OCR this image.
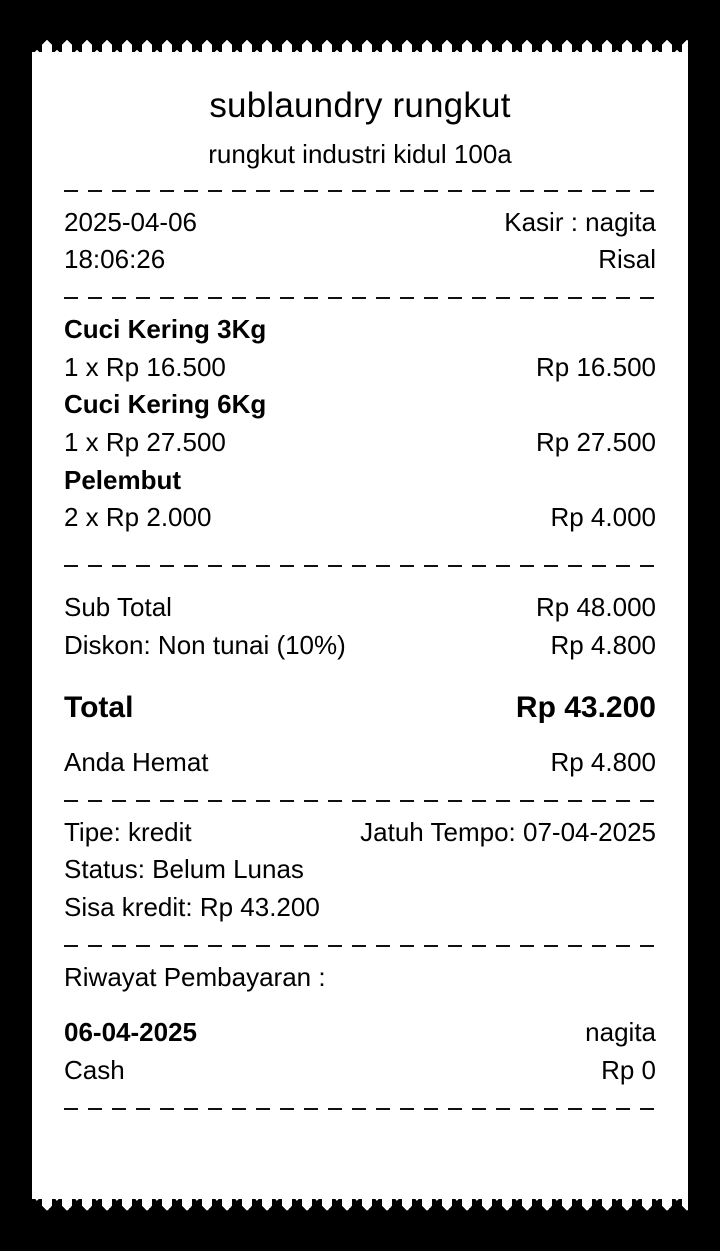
sublaundry rungkut
rungkut industri kidul 100a
2025-04-06	Kasir : nagita
18:06:26	Risal
Cuci Kering 3Kg
1 x Rp 16.500	Rp 16.500
Cuci Kering 6Kg
1 x Rp 27.500	Rp 27.500
Pelembut
2 x Rp 2.000	Rp 4.000
Sub Total	Rp 48.000
Diskon: Non tunai (10%)	Rp 4.800
Total	Rp 43.200
Anda Hemat	Rp 4.800
Tipe: kredit	Jatuh Tempo: 07-04-2025
Status: Belum Lunas
Sisa kredit: Rp 43.200
Riwayat Pembayaran :
06-04-2025	nagita
Cash	Rp 0
